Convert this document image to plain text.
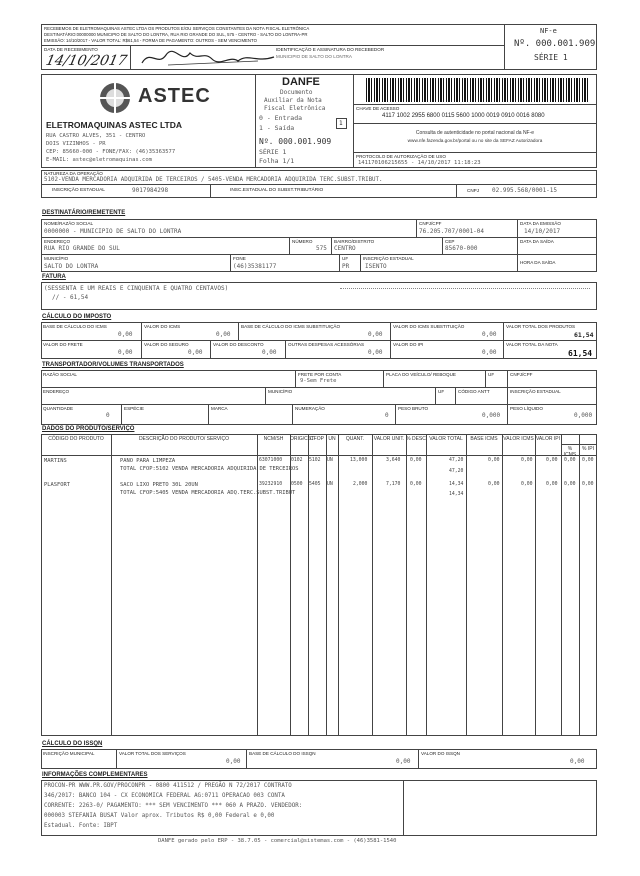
RECEBEMOS DE ELETROMAQUINAS ASTEC LTDA OS PRODUTOS E/OU SERVIÇOS CONSTANTES DA NOTA FISCAL ELETRÔNICA
DESTINATÁRIO:00000000 MUNICIPIO DE SALTO DO LONTRA, RUA RIO GRANDE DO SUL, 575 - CENTRO - SALTO DO LONTRA-PR
EMISSÃO: 14/10/2017 - VALOR TOTAL: R$61,54 - FORMA DE PAGAMENTO: OUTROS - SEM VENCIMENTO
DATA DE RECEBIMENTO
14/10/2017
IDENTIFICAÇÃO E ASSINATURA DO RECEBEDOR
MUNICIPIO DE SALTO DO LONTRA
NF-e
Nº. 000.001.909
SÉRIE 1
ASTEC
ELETROMAQUINAS ASTEC LTDA
RUA CASTRO ALVES, 351 - CENTRO
DOIS VIZINHOS - PR
CEP: 85660-000 - FONE/FAX: (46)35363577
E-MAIL: astec@eletromaquinas.com
DANFE
Documento
Auxiliar da Nota
Fiscal Eletrônica
0 - Entrada
1 - Saída
1
Nº. 000.001.909
SÉRIE 1
Folha 1/1
CHAVE DE ACESSO
4117 1002 2955 6800 0115 5600 1000 0019 0910 0016 8080
Consulta de autenticidade no portal nacional da NF-e
www.nfe.fazenda.gov.br/portal ou no site da SEFAZ Autorizadora
PROTOCOLO DE AUTORIZAÇÃO DE USO
141170106215655 - 14/10/2017 11:18:23
NATUREZA DA OPERAÇÃO
5102-VENDA MERCADORIA ADQUIRIDA DE TERCEIROS / 5405-VENDA MERCADORIA ADQUIRIDA TERC.SUBST.TRIBUT.
INSCRIÇÃO ESTADUAL	9017984298	INSC.ESTADUAL DO SUBST.TRIBUTÁRIO	CNPJ 02.995.568/0001-15
DESTINATÁRIO/REMETENTE
NOME/RAZÃO SOCIAL
0000000 - MUNICIPIO DE SALTO DO LONTRA
CNPJ/CPF
76.205.707/0001-04
DATA DA EMISSÃO
14/10/2017
ENDEREÇO
RUA RIO GRANDE DO SUL
NÚMERO
575
BAIRRO/DISTRITO
CENTRO
CEP
85670-000
DATA DA SAÍDA
MUNICÍPIO
SALTO DO LONTRA
FONE
(46)35381177
UF
PR
INSCRIÇÃO ESTADUAL
ISENTO
HORA DA SAÍDA
FATURA
(SESSENTA E UM REAIS E CINQUENTA E QUATRO CENTAVOS)
// - 61,54
CÁLCULO DO IMPOSTO
BASE DE CÁLCULO DO ICMS
0,00
VALOR DO ICMS
0,00
BASE DE CÁLCULO DO ICMS SUBSTITUIÇÃO
0,00
VALOR DO ICMS SUBSTITUIÇÃO
0,00
VALOR TOTAL DOS PRODUTOS
61,54
VALOR DO FRETE
0,00
VALOR DO SEGURO
0,00
VALOR DO DESCONTO
0,00
OUTRAS DESPESAS ACESSÓRIAS
0,00
VALOR DO IPI
0,00
VALOR TOTAL DA NOTA
61,54
TRANSPORTADOR/VOLUMES TRANSPORTADOS
RAZÃO SOCIAL	FRETE POR CONTA
9-Sem Frete
PLACA DO VEÍCULO/ REBOQUE	UF	CNPJ/CPF
ENDEREÇO	MUNICÍPIO	UF	CÓDIGO ANTT	INSCRIÇÃO ESTADUAL
QUANTIDADE
0
ESPÉCIE	MARCA	NUMERAÇÃO
0
PESO BRUTO
0,000
PESO LÍQUIDO
0,000
DADOS DO PRODUTO/SERVIÇO
CÓDIGO DO PRODUTO	DESCRIÇÃO DO PRODUTO/ SERVIÇO	NCM/SH	ORIG/CST
CFOP UN	QUANT.	VALOR UNIT. % DESC VALOR TOTAL	BASE ICMS	VALOR ICMS VALOR IPI
% ICMS
% IPI
MARTINS	PANO PARA LIMPEZA	63071000 0102 5102 UN	13,000	3,640 0,00	47,20	0,00	0,00	0,00 0,00 0,00
TOTAL CFOP:5102 VENDA MERCADORIA ADQUIRIDA DE TERCEIROS	47,20
PLASFORT	SACO LIXO PRETO 30L 20UN	39232910 0500 5405 UN	2,000	7,170 0,00	14,34	0,00	0,00	0,00 0,00 0,00
TOTAL CFOP:5405 VENDA MERCADORIA ADQ.TERC.SUBST.TRIBUT	14,34
CÁLCULO DO ISSQN
INSCRIÇÃO MUNICIPAL	VALOR TOTAL DOS SERVIÇOS
0,00
BASE DE CÁLCULO DO ISSQN
0,00
VALOR DO ISSQN
0,00
INFORMAÇÕES COMPLEMENTARES
PROCON-PR WWW.PR.GOV/PROCONPR - 0800 411512 / PREGÃO N 72/2017 CONTRATO
346/2017: BANCO 104 - CX ECONOMICA FEDERAL AG:0711 OPERACAO 003 CONTA
CORRENTE: 2263-0/ PAGAMENTO: *** SEM VENCIMENTO *** 060 A PRAZO. VENDEDOR:
000003 STEFANIA BUSAT Valor aprox. Tributos R$ 0,00 Federal e 0,00
Estadual. Fonte: IBPT
DANFE gerado pelo ERP - 38.7.05 - comercial@sistemas.com - (46)3581-1540
